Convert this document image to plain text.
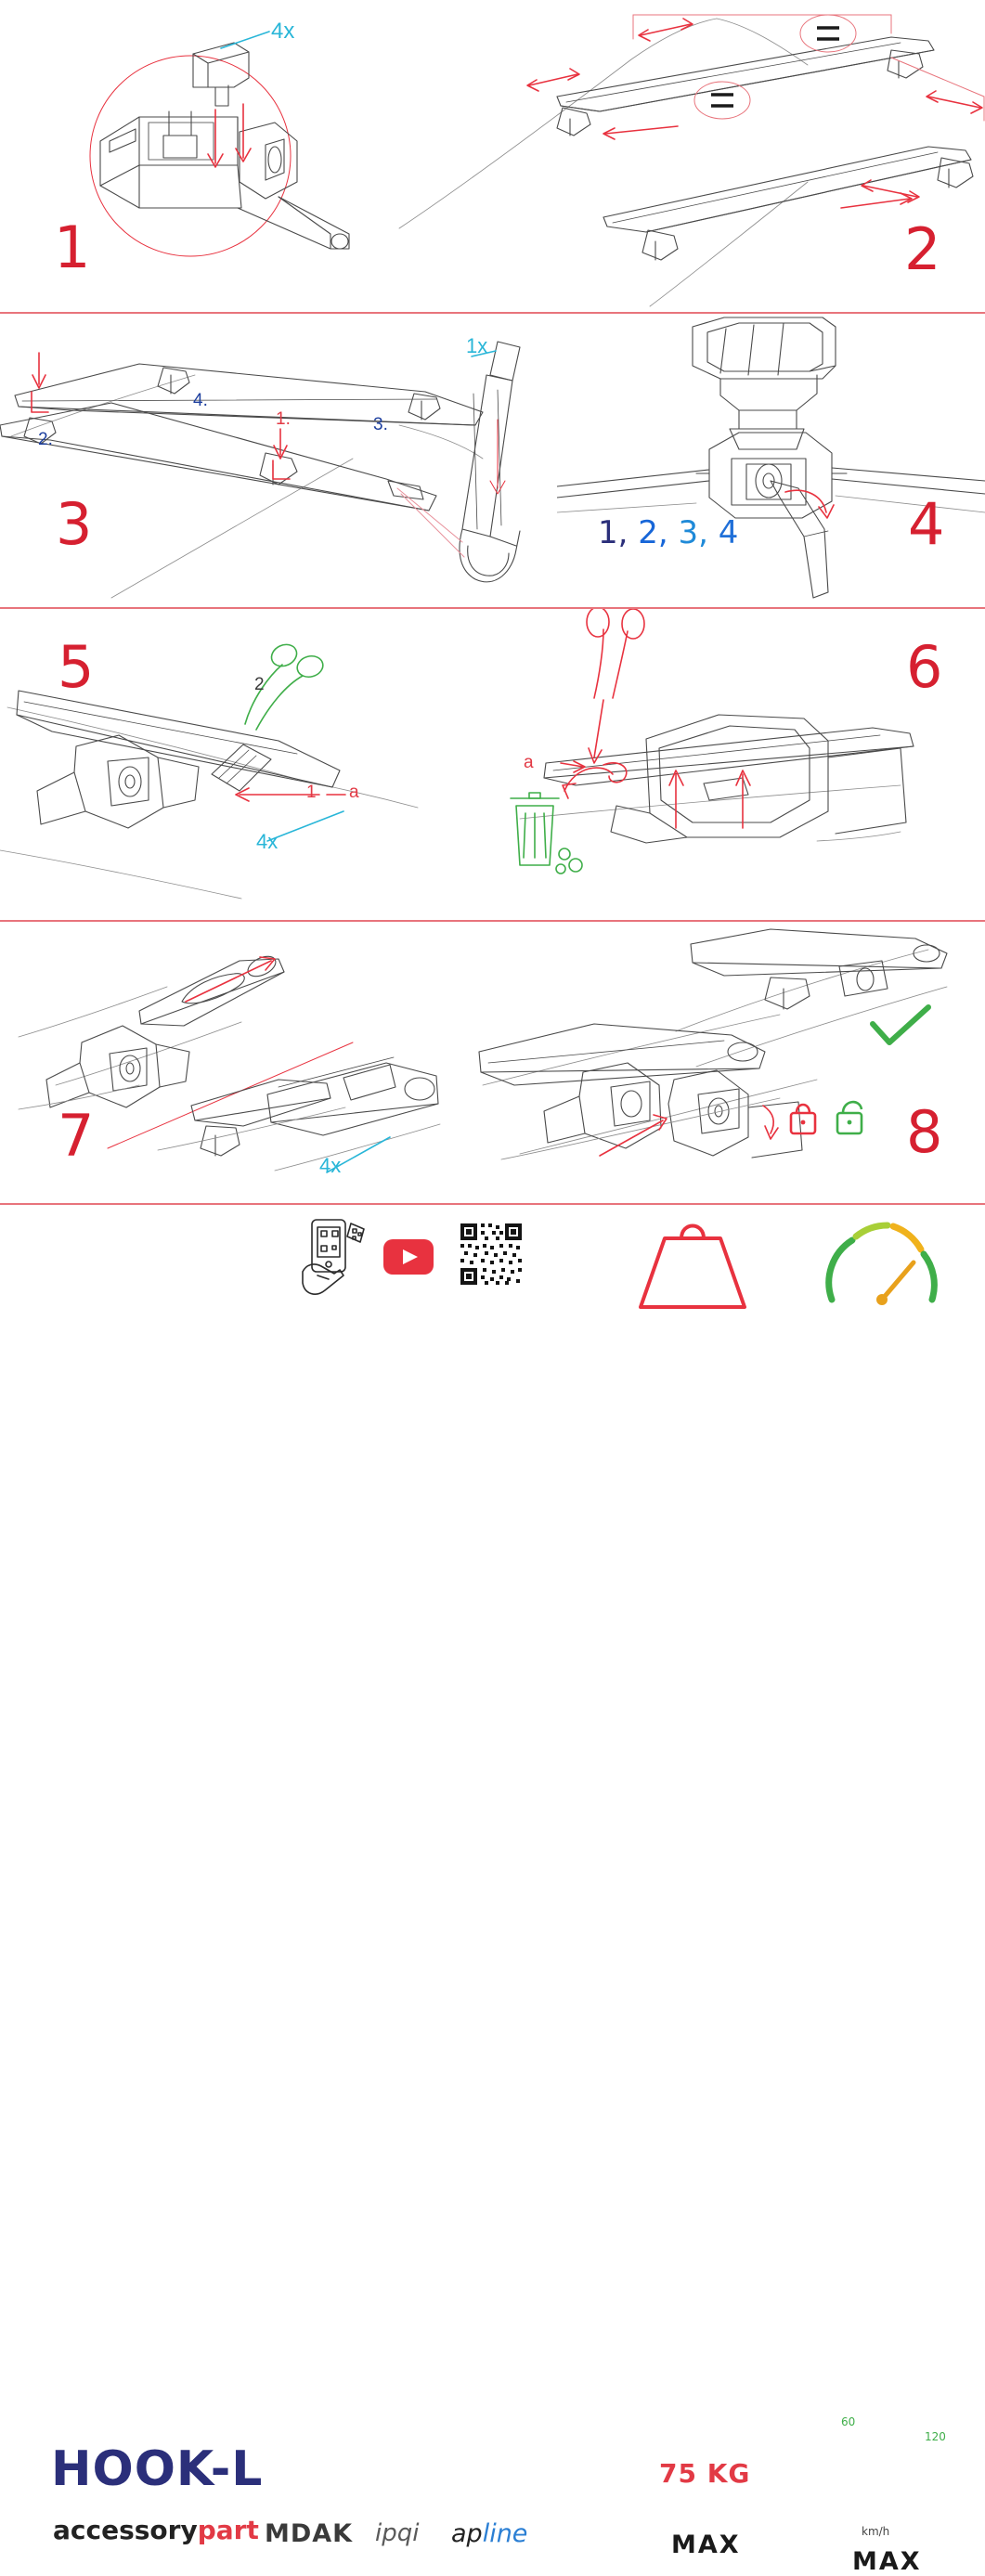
1
4x
2
3
1.
2.
3.
4.
1x
4
1, 2, 3, 4
5	2
1 a
4x
6
a
7	4x	8
75 KG
MAX
60
120
km/h
MAX
HOOK-L
accessorypart MDAK ipqi apline
